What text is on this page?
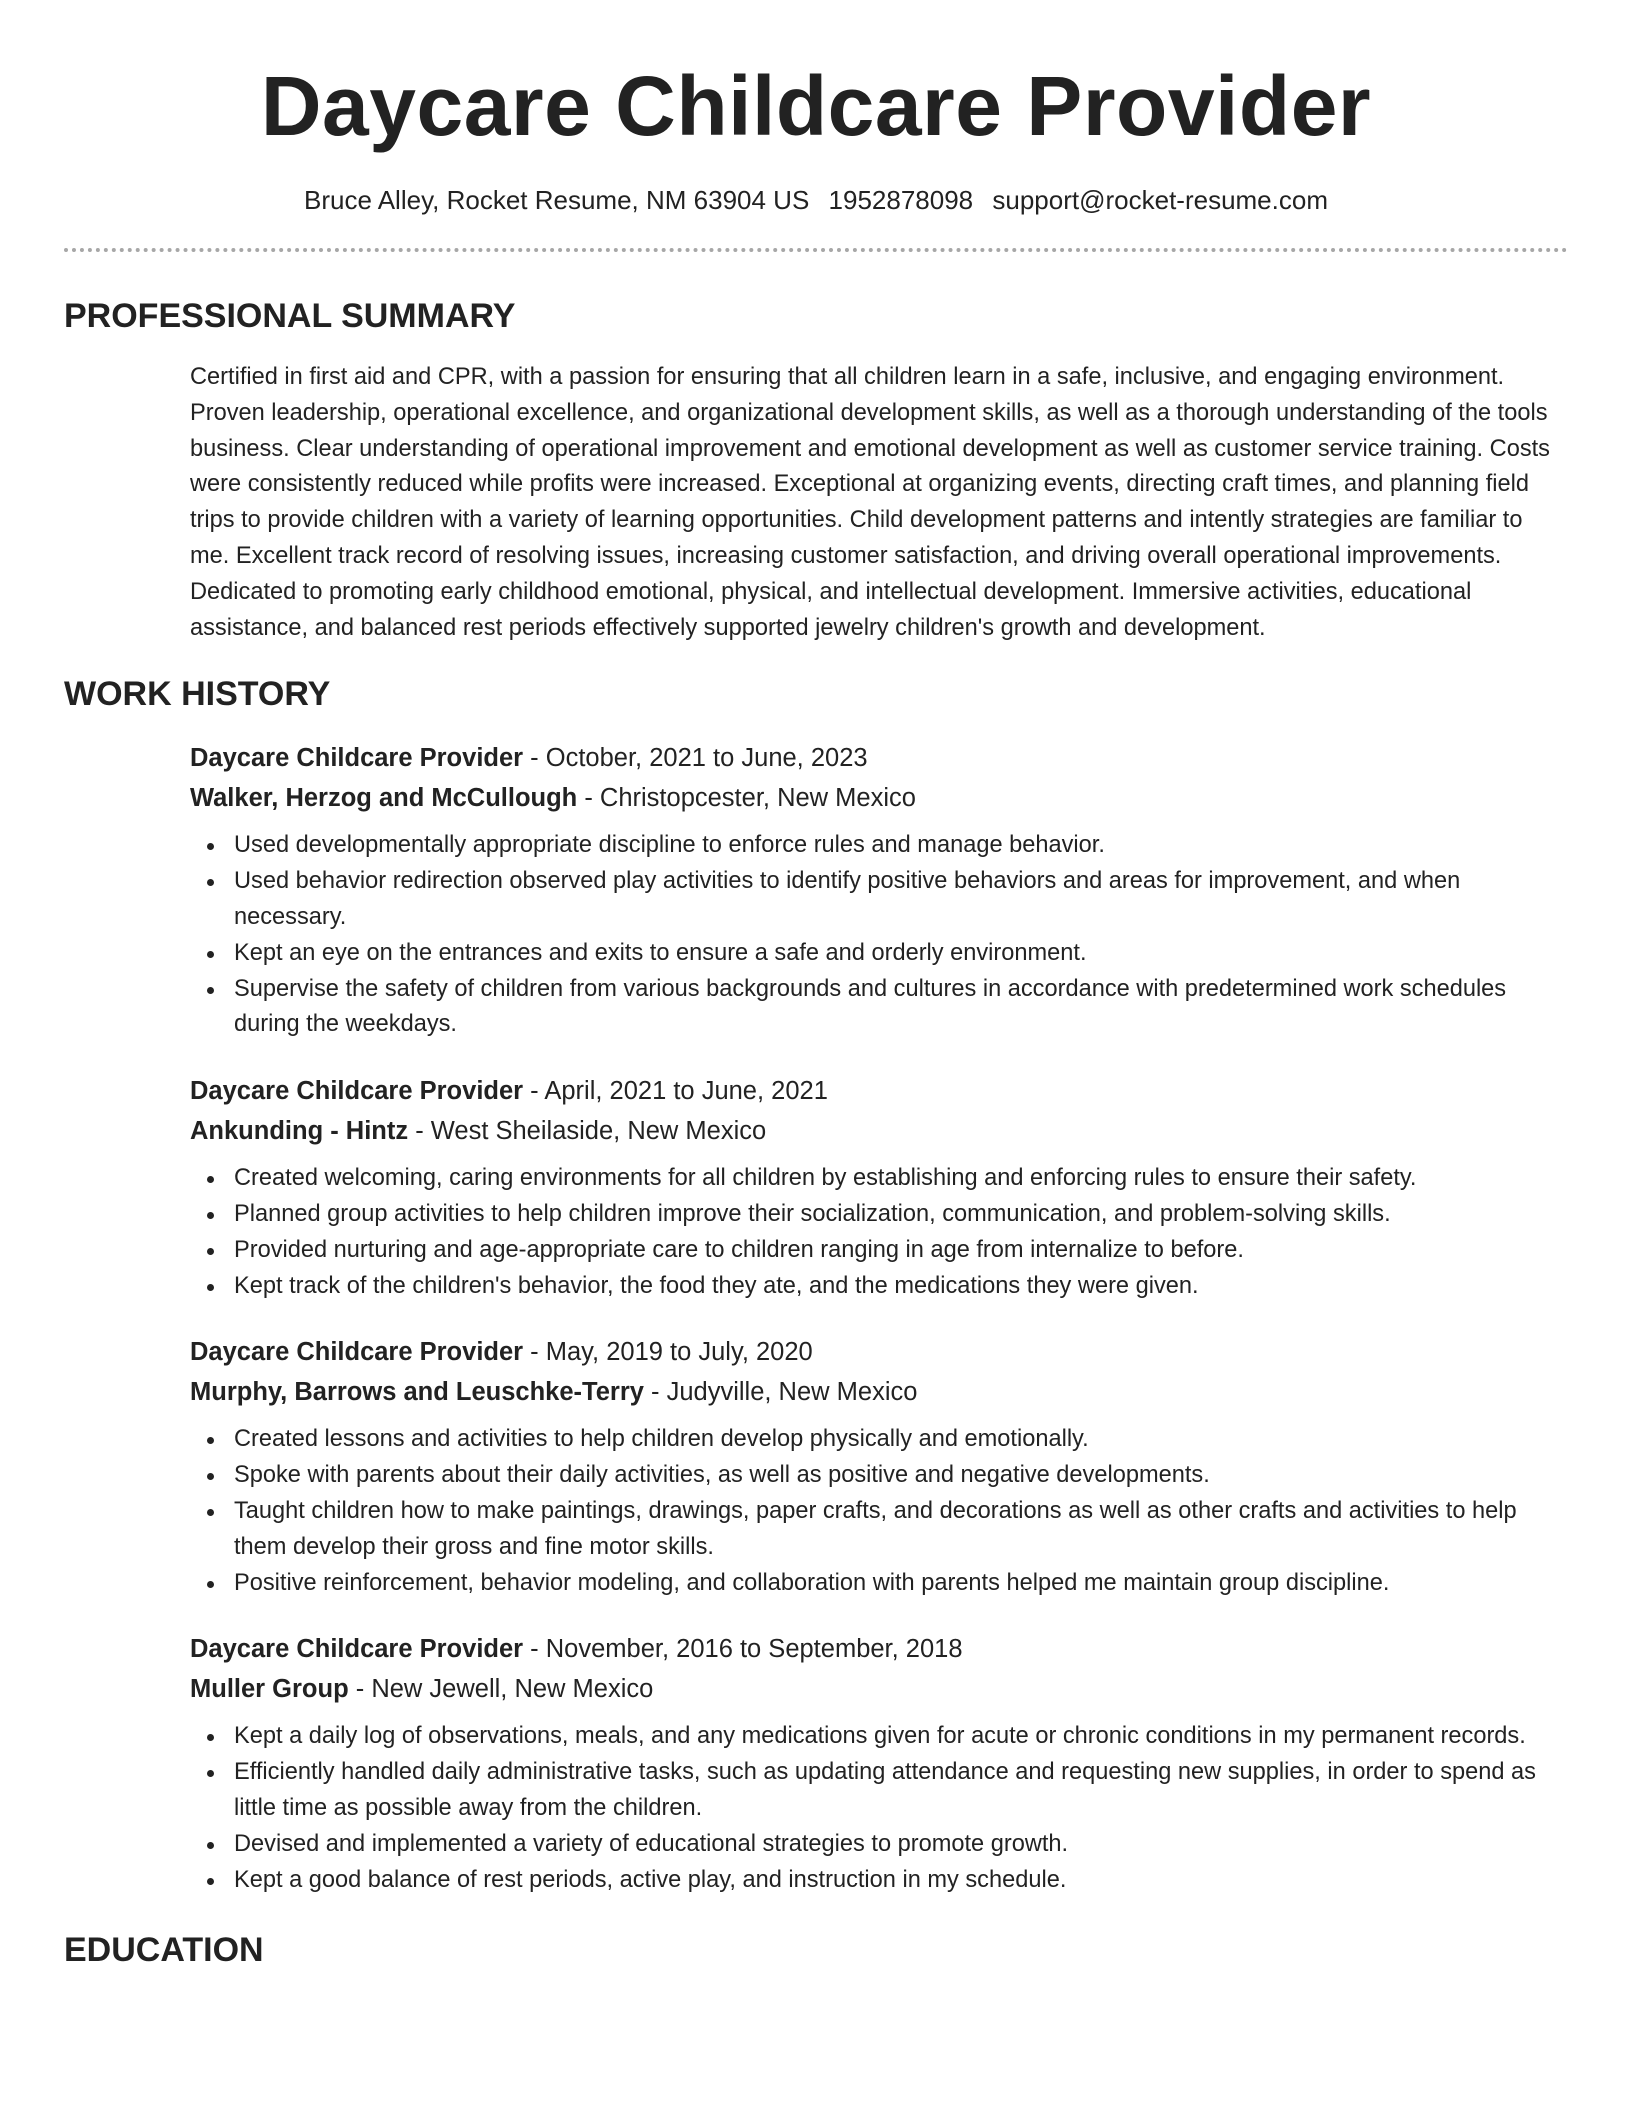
Daycare Childcare Provider
Bruce Alley, Rocket Resume, NM 63904 US 1952878098 support@rocket-resume.com
PROFESSIONAL SUMMARY

Certified in first aid and CPR, with a passion for ensuring that all children learn in a safe, inclusive, and engaging environment. Proven leadership, operational excellence, and organizational development skills, as well as a thorough understanding of the tools business. Clear understanding of operational improvement and emotional development as well as customer service training. Costs were consistently reduced while profits were increased. Exceptional at organizing events, directing craft times, and planning field trips to provide children with a variety of learning opportunities. Child development patterns and intently strategies are familiar to me. Excellent track record of resolving issues, increasing customer satisfaction, and driving overall operational improvements. Dedicated to promoting early childhood emotional, physical, and intellectual development. Immersive activities, educational assistance, and balanced rest periods effectively supported jewelry children's growth and development.

WORK HISTORY
Daycare Childcare Provider - October, 2021 to June, 2023
Walker, Herzog and McCullough - Christopcester, New Mexico
Used developmentally appropriate discipline to enforce rules and manage behavior.
Used behavior redirection observed play activities to identify positive behaviors and areas for improvement, and when necessary.
Kept an eye on the entrances and exits to ensure a safe and orderly environment.
Supervise the safety of children from various backgrounds and cultures in accordance with predetermined work schedules during the weekdays.
Daycare Childcare Provider - April, 2021 to June, 2021
Ankunding - Hintz - West Sheilaside, New Mexico
Created welcoming, caring environments for all children by establishing and enforcing rules to ensure their safety.
Planned group activities to help children improve their socialization, communication, and problem-solving skills.
Provided nurturing and age-appropriate care to children ranging in age from internalize to before.
Kept track of the children's behavior, the food they ate, and the medications they were given.
Daycare Childcare Provider - May, 2019 to July, 2020
Murphy, Barrows and Leuschke-Terry - Judyville, New Mexico
Created lessons and activities to help children develop physically and emotionally.
Spoke with parents about their daily activities, as well as positive and negative developments.
Taught children how to make paintings, drawings, paper crafts, and decorations as well as other crafts and activities to help them develop their gross and fine motor skills.
Positive reinforcement, behavior modeling, and collaboration with parents helped me maintain group discipline.
Daycare Childcare Provider - November, 2016 to September, 2018
Muller Group - New Jewell, New Mexico
Kept a daily log of observations, meals, and any medications given for acute or chronic conditions in my permanent records.
Efficiently handled daily administrative tasks, such as updating attendance and requesting new supplies, in order to spend as little time as possible away from the children.
Devised and implemented a variety of educational strategies to promote growth.
Kept a good balance of rest periods, active play, and instruction in my schedule.
EDUCATION
